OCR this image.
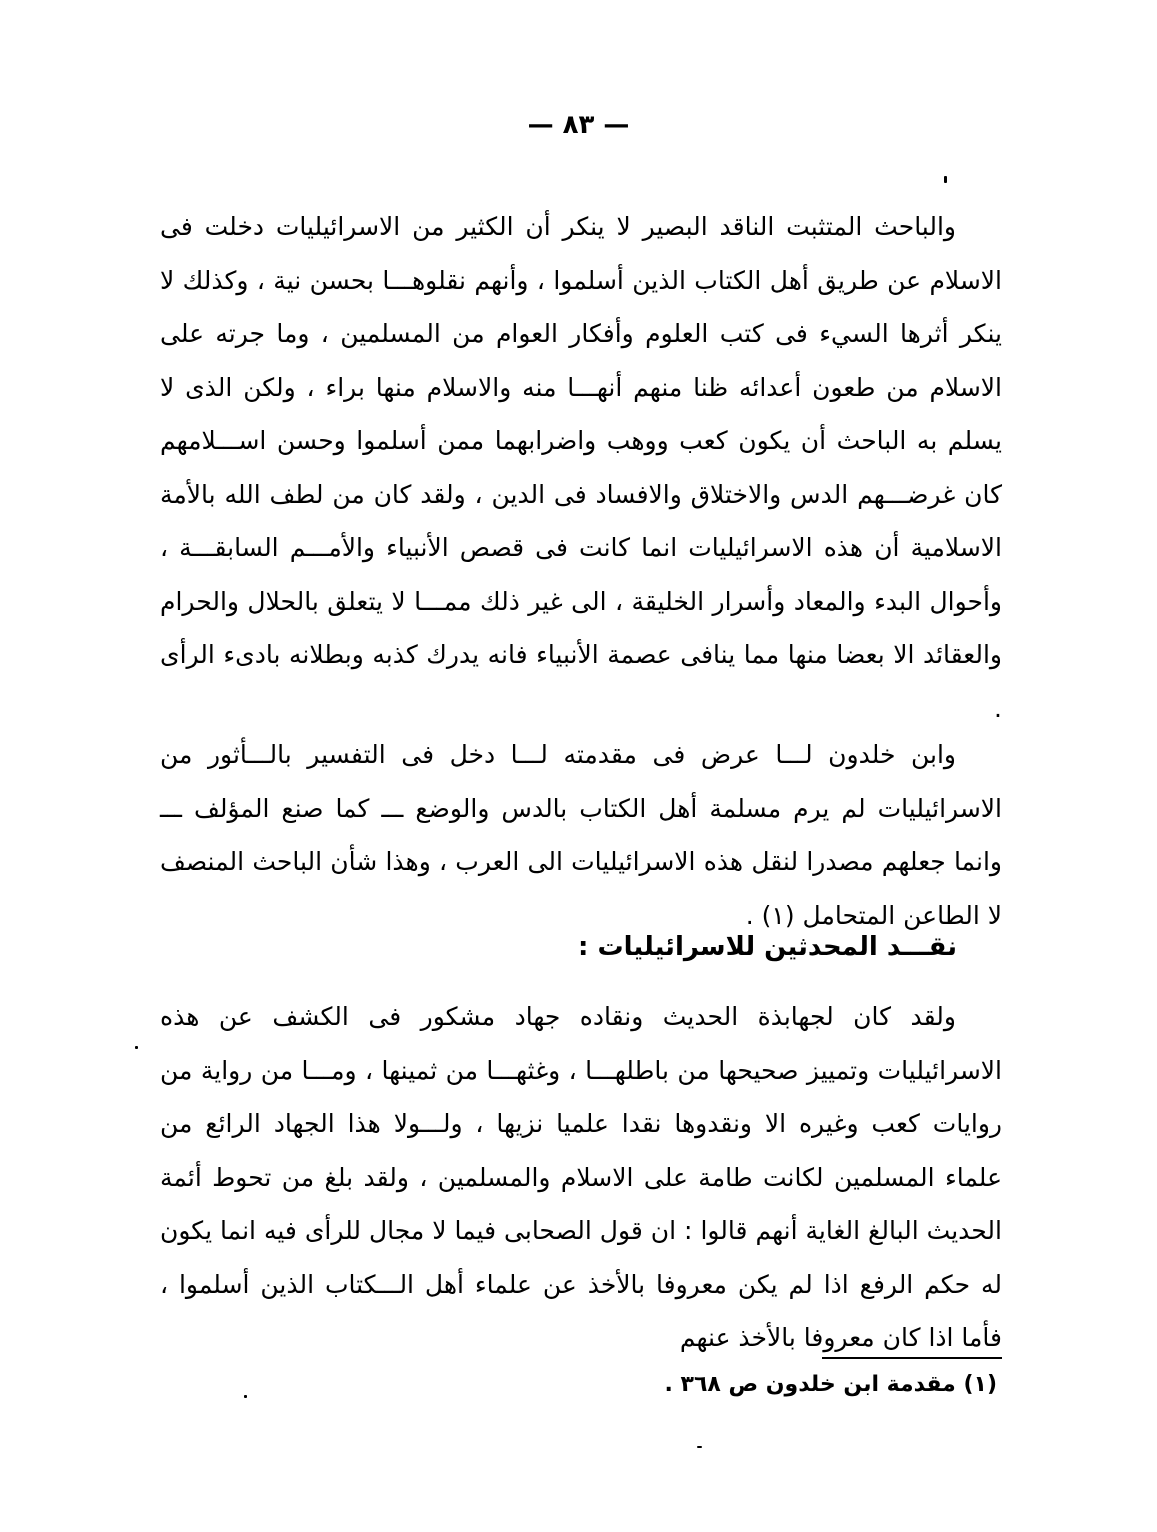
— ٨٣ —

والباحث المتثبت الناقد البصير لا ينكر أن الكثير من الاسرائيليات دخلت فى الاسلام عن طريق أهل الكتاب الذين أسلموا ، وأنهم نقلوهـــا بحسن نية ، وكذلك لا ينكر أثرها السيء فى كتب العلوم وأفكار العوام من المسلمين ، وما جرته على الاسلام من طعون أعدائه ظنا منهم أنهـــا منه والاسلام منها براء ، ولكن الذى لا يسلم به الباحث أن يكون كعب ووهب واضرابهما ممن أسلموا وحسن اســـلامهم كان غرضـــهم الدس والاختلاق والافساد فى الدين ، ولقد كان من لطف الله بالأمة الاسلامية أن هذه الاسرائيليات انما كانت فى قصص الأنبياء والأمـــم السابقـــة ، وأحوال البدء والمعاد وأسرار الخليقة ، الى غير ذلك ممـــا لا يتعلق بالحلال والحرام والعقائد الا بعضا منها مما ينافى عصمة الأنبياء فانه يدرك كذبه وبطلانه بادىء الرأى .

وابن خلدون لـــا عرض فى مقدمته لـــا دخل فى التفسير بالـــأثور من الاسرائيليات لم يرم مسلمة أهل الكتاب بالدس والوضع ـــ كما صنع المؤلف ـــ وانما جعلهم مصدرا لنقل هذه الاسرائيليات الى العرب ، وهذا شأن الباحث المنصف لا الطاعن المتحامل (١) .

نقـــد المحدثين للاسرائيليات :

ولقد كان لجهابذة الحديث ونقاده جهاد مشكور فى الكشف عن هذه الاسرائيليات وتمييز صحيحها من باطلهـــا ، وغثهـــا من ثمينها ، ومـــا من رواية من روايات كعب وغيره الا ونقدوها نقدا علميا نزيها ، ولـــولا هذا الجهاد الرائع من علماء المسلمين لكانت طامة على الاسلام والمسلمين ، ولقد بلغ من تحوط أئمة الحديث البالغ الغاية أنهم قالوا : ان قول الصحابى فيما لا مجال للرأى فيه انما يكون له حكم الرفع اذا لم يكن معروفا بالأخذ عن علماء أهل الـــكتاب الذين أسلموا ، فأما اذا كان معروفا بالأخذ عنهم

(١) مقدمة ابن خلدون ص ٣٦٨ .
